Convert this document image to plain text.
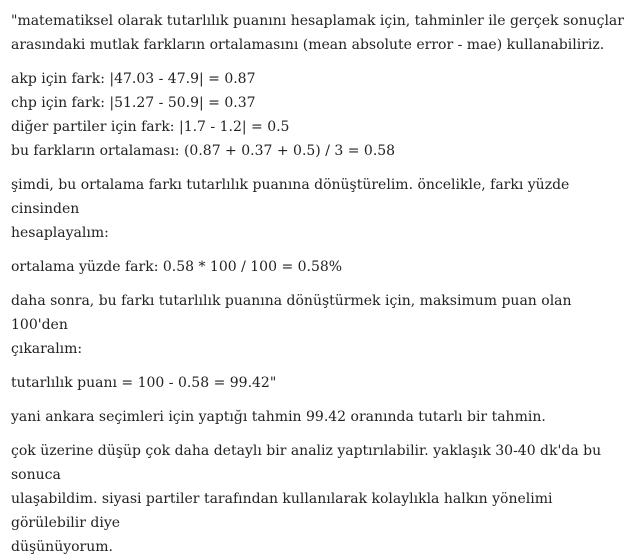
"matematiksel olarak tutarlılık puanını hesaplamak için, tahminler ile gerçek sonuçlar
arasındaki mutlak farkların ortalamasını (mean absolute error - mae) kullanabiliriz.

akp için fark: |47.03 - 47.9| = 0.87
chp için fark: |51.27 - 50.9| = 0.37
diğer partiler için fark: |1.7 - 1.2| = 0.5
bu farkların ortalaması: (0.87 + 0.37 + 0.5) / 3 = 0.58

şimdi, bu ortalama farkı tutarlılık puanına dönüştürelim. öncelikle, farkı yüzde cinsinden
hesaplayalım:

ortalama yüzde fark: 0.58 * 100 / 100 = 0.58%

daha sonra, bu farkı tutarlılık puanına dönüştürmek için, maksimum puan olan 100'den
çıkaralım:

tutarlılık puanı = 100 - 0.58 = 99.42"

yani ankara seçimleri için yaptığı tahmin 99.42 oranında tutarlı bir tahmin.

çok üzerine düşüp çok daha detaylı bir analiz yaptırılabilir. yaklaşık 30-40 dk'da bu sonuca
ulaşabildim. siyasi partiler tarafından kullanılarak kolaylıkla halkın yönelimi görülebilir diye
düşünüyorum.
